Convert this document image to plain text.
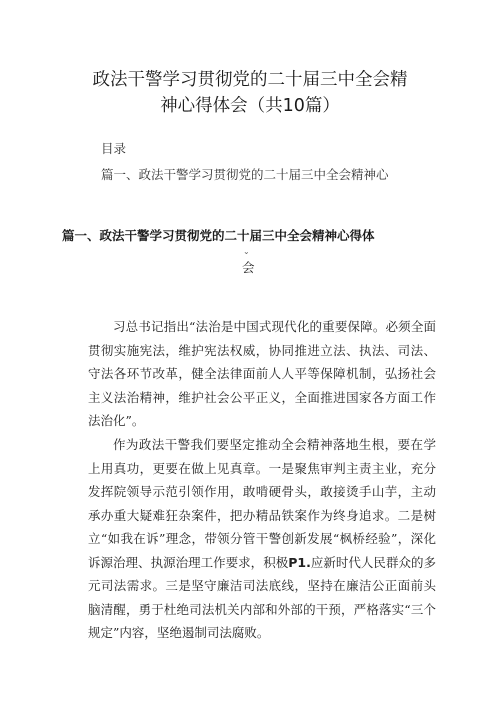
政法干警学习贯彻党的二十届三中全会精
神心得体会（共10篇）
目录
篇一、政法干警学习贯彻党的二十届三中全会精神心
篇一、政法干警学习贯彻党的二十届三中全会精神心得体
⌄
会

习总书记指出“法治是中国式现代化的重要保障。必须全面贯彻实施宪法，维护宪法权威，协同推进立法、执法、司法、守法各环节改革，健全法律面前人人平等保障机制，弘扬社会主义法治精神，维护社会公平正义，全面推进国家各方面工作法治化”。

作为政法干警我们要坚定推动全会精神落地生根，要在学上用真功，更要在做上见真章。一是聚焦审判主责主业，充分发挥院领导示范引领作用，敢啃硬骨头，敢接烫手山芋，主动承办重大疑难狂杂案件，把办精品铁案作为终身追求。二是树立“如我在诉”理念，带领分管干警创新发展“枫桥经验”，深化诉源治理、执源治理工作要求，积极P1.应新时代人民群众的多元司法需求。三是坚守廉洁司法底线，坚持在廉洁公正面前头脑清醒，勇于杜绝司法机关内部和外部的干预，严格落实“三个规定”内容，坚绝遏制司法腐败。
